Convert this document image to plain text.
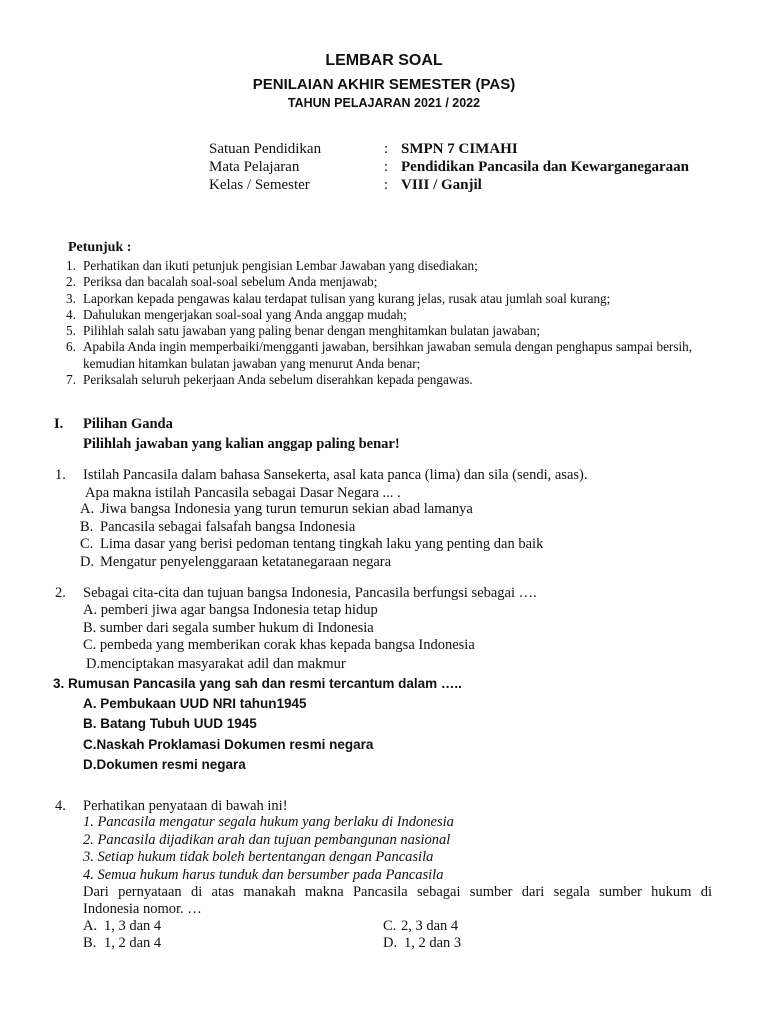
LEMBAR SOAL
PENILAIAN AKHIR SEMESTER (PAS)
TAHUN PELAJARAN 2021 / 2022
Satuan Pendidikan	: SMPN 7 CIMAHI
Mata Pelajaran	: Pendidikan Pancasila dan Kewarganegaraan
Kelas / Semester	: VIII / Ganjil
Petunjuk :
1. Perhatikan dan ikuti petunjuk pengisian Lembar Jawaban yang disediakan;
2. Periksa dan bacalah soal-soal sebelum Anda menjawab;
3. Laporkan kepada pengawas kalau terdapat tulisan yang kurang jelas, rusak atau jumlah soal kurang;
4. Dahulukan mengerjakan soal-soal yang Anda anggap mudah;
5. Pilihlah salah satu jawaban yang paling benar dengan menghitamkan bulatan jawaban;
6. Apabila Anda ingin memperbaiki/mengganti jawaban, bersihkan jawaban semula dengan penghapus sampai bersih, kemudian hitamkan bulatan jawaban yang menurut Anda benar;
7. Periksalah seluruh pekerjaan Anda sebelum diserahkan kepada pengawas.
I. Pilihan Ganda
Pilihlah jawaban yang kalian anggap paling benar!
1. Istilah Pancasila dalam bahasa Sansekerta, asal kata panca (lima) dan sila (sendi, asas).
Apa makna istilah Pancasila sebagai Dasar Negara ... .
A. Jiwa bangsa Indonesia yang turun temurun sekian abad lamanya
B. Pancasila sebagai falsafah bangsa Indonesia
C. Lima dasar yang berisi pedoman tentang tingkah laku yang penting dan baik
D. Mengatur penyelenggaraan ketatanegaraan negara
2. Sebagai cita-cita dan tujuan bangsa Indonesia, Pancasila berfungsi sebagai ….
A. pemberi jiwa agar bangsa Indonesia tetap hidup
B. sumber dari segala sumber hukum di Indonesia
C. pembeda yang memberikan corak khas kepada bangsa Indonesia
D.menciptakan masyarakat adil dan makmur
3. Rumusan Pancasila yang sah dan resmi tercantum dalam …..
A. Pembukaan UUD NRI tahun1945
B. Batang Tubuh UUD 1945
C.Naskah Proklamasi Dokumen resmi negara
D.Dokumen resmi negara
4. Perhatikan penyataan di bawah ini!
1. Pancasila mengatur segala hukum yang berlaku di Indonesia
2. Pancasila dijadikan arah dan tujuan pembangunan nasional
3. Setiap hukum tidak boleh bertentangan dengan Pancasila
4. Semua hukum harus tunduk dan bersumber pada Pancasila
Dari pernyataan di atas manakah makna Pancasila sebagai sumber dari segala sumber hukum di
Indonesia nomor. …
A. 1, 3 dan 4	C. 2, 3 dan 4
B. 1, 2 dan 4	D. 1, 2 dan 3
